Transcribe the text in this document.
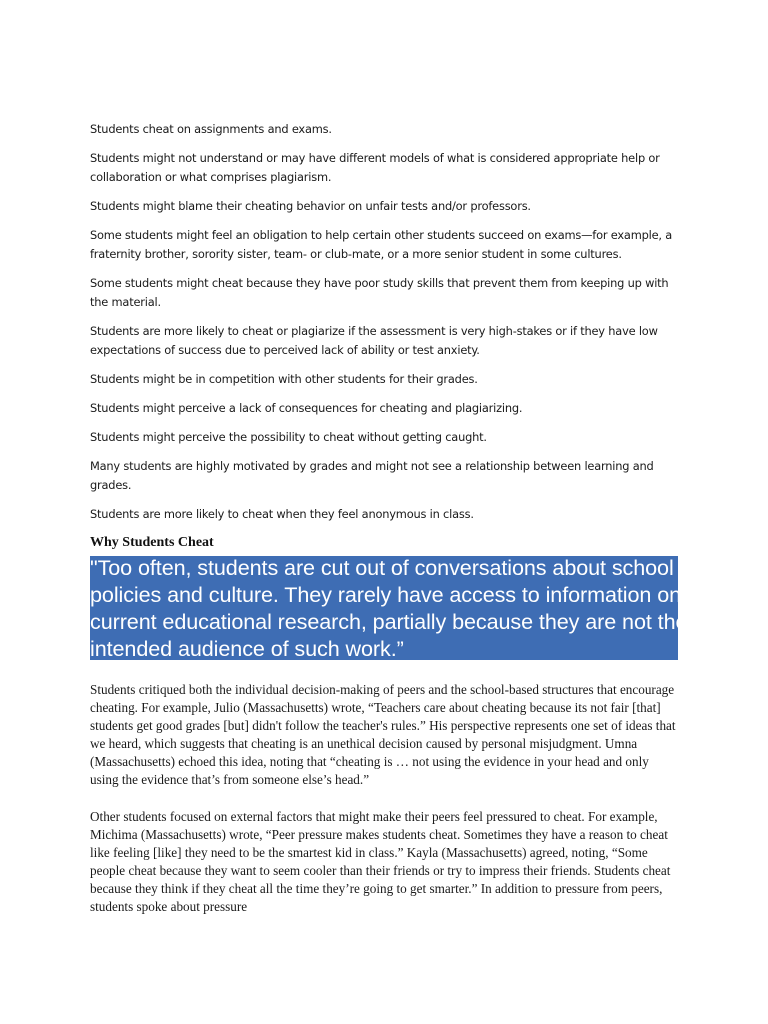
Students cheat on assignments and exams.

Students might not understand or may have different models of what is considered appropriate help or collaboration or what comprises plagiarism.

Students might blame their cheating behavior on unfair tests and/or professors.

Some students might feel an obligation to help certain other students succeed on exams—for example, a fraternity brother, sorority sister, team- or club-mate, or a more senior student in some cultures.

Some students might cheat because they have poor study skills that prevent them from keeping up with the material.

Students are more likely to cheat or plagiarize if the assessment is very high-stakes or if they have low expectations of success due to perceived lack of ability or test anxiety.

Students might be in competition with other students for their grades.

Students might perceive a lack of consequences for cheating and plagiarizing.

Students might perceive the possibility to cheat without getting caught.

Many students are highly motivated by grades and might not see a relationship between learning and grades.

Students are more likely to cheat when they feel anonymous in class.

Why Students Cheat
"Too often, students are cut out of conversations about school policies and culture. They rarely have access to information on current educational research, partially because they are not the intended audience of such work.”

Students critiqued both the individual decision-making of peers and the school-based structures that encourage cheating. For example, Julio (Massachusetts) wrote, “Teachers care about cheating because its not fair [that] students get good grades [but] didn't follow the teacher's rules.” His perspective represents one set of ideas that we heard, which suggests that cheating is an unethical decision caused by personal misjudgment. Umna (Massachusetts) echoed this idea, noting that “cheating is … not using the evidence in your head and only using the evidence that’s from someone else’s head.”

Other students focused on external factors that might make their peers feel pressured to cheat. For example, Michima (Massachusetts) wrote, “Peer pressure makes students cheat. Sometimes they have a reason to cheat like feeling [like] they need to be the smartest kid in class.” Kayla (Massachusetts) agreed, noting, “Some people cheat because they want to seem cooler than their friends or try to impress their friends. Students cheat because they think if they cheat all the time they’re going to get smarter.” In addition to pressure from peers, students spoke about pressure
